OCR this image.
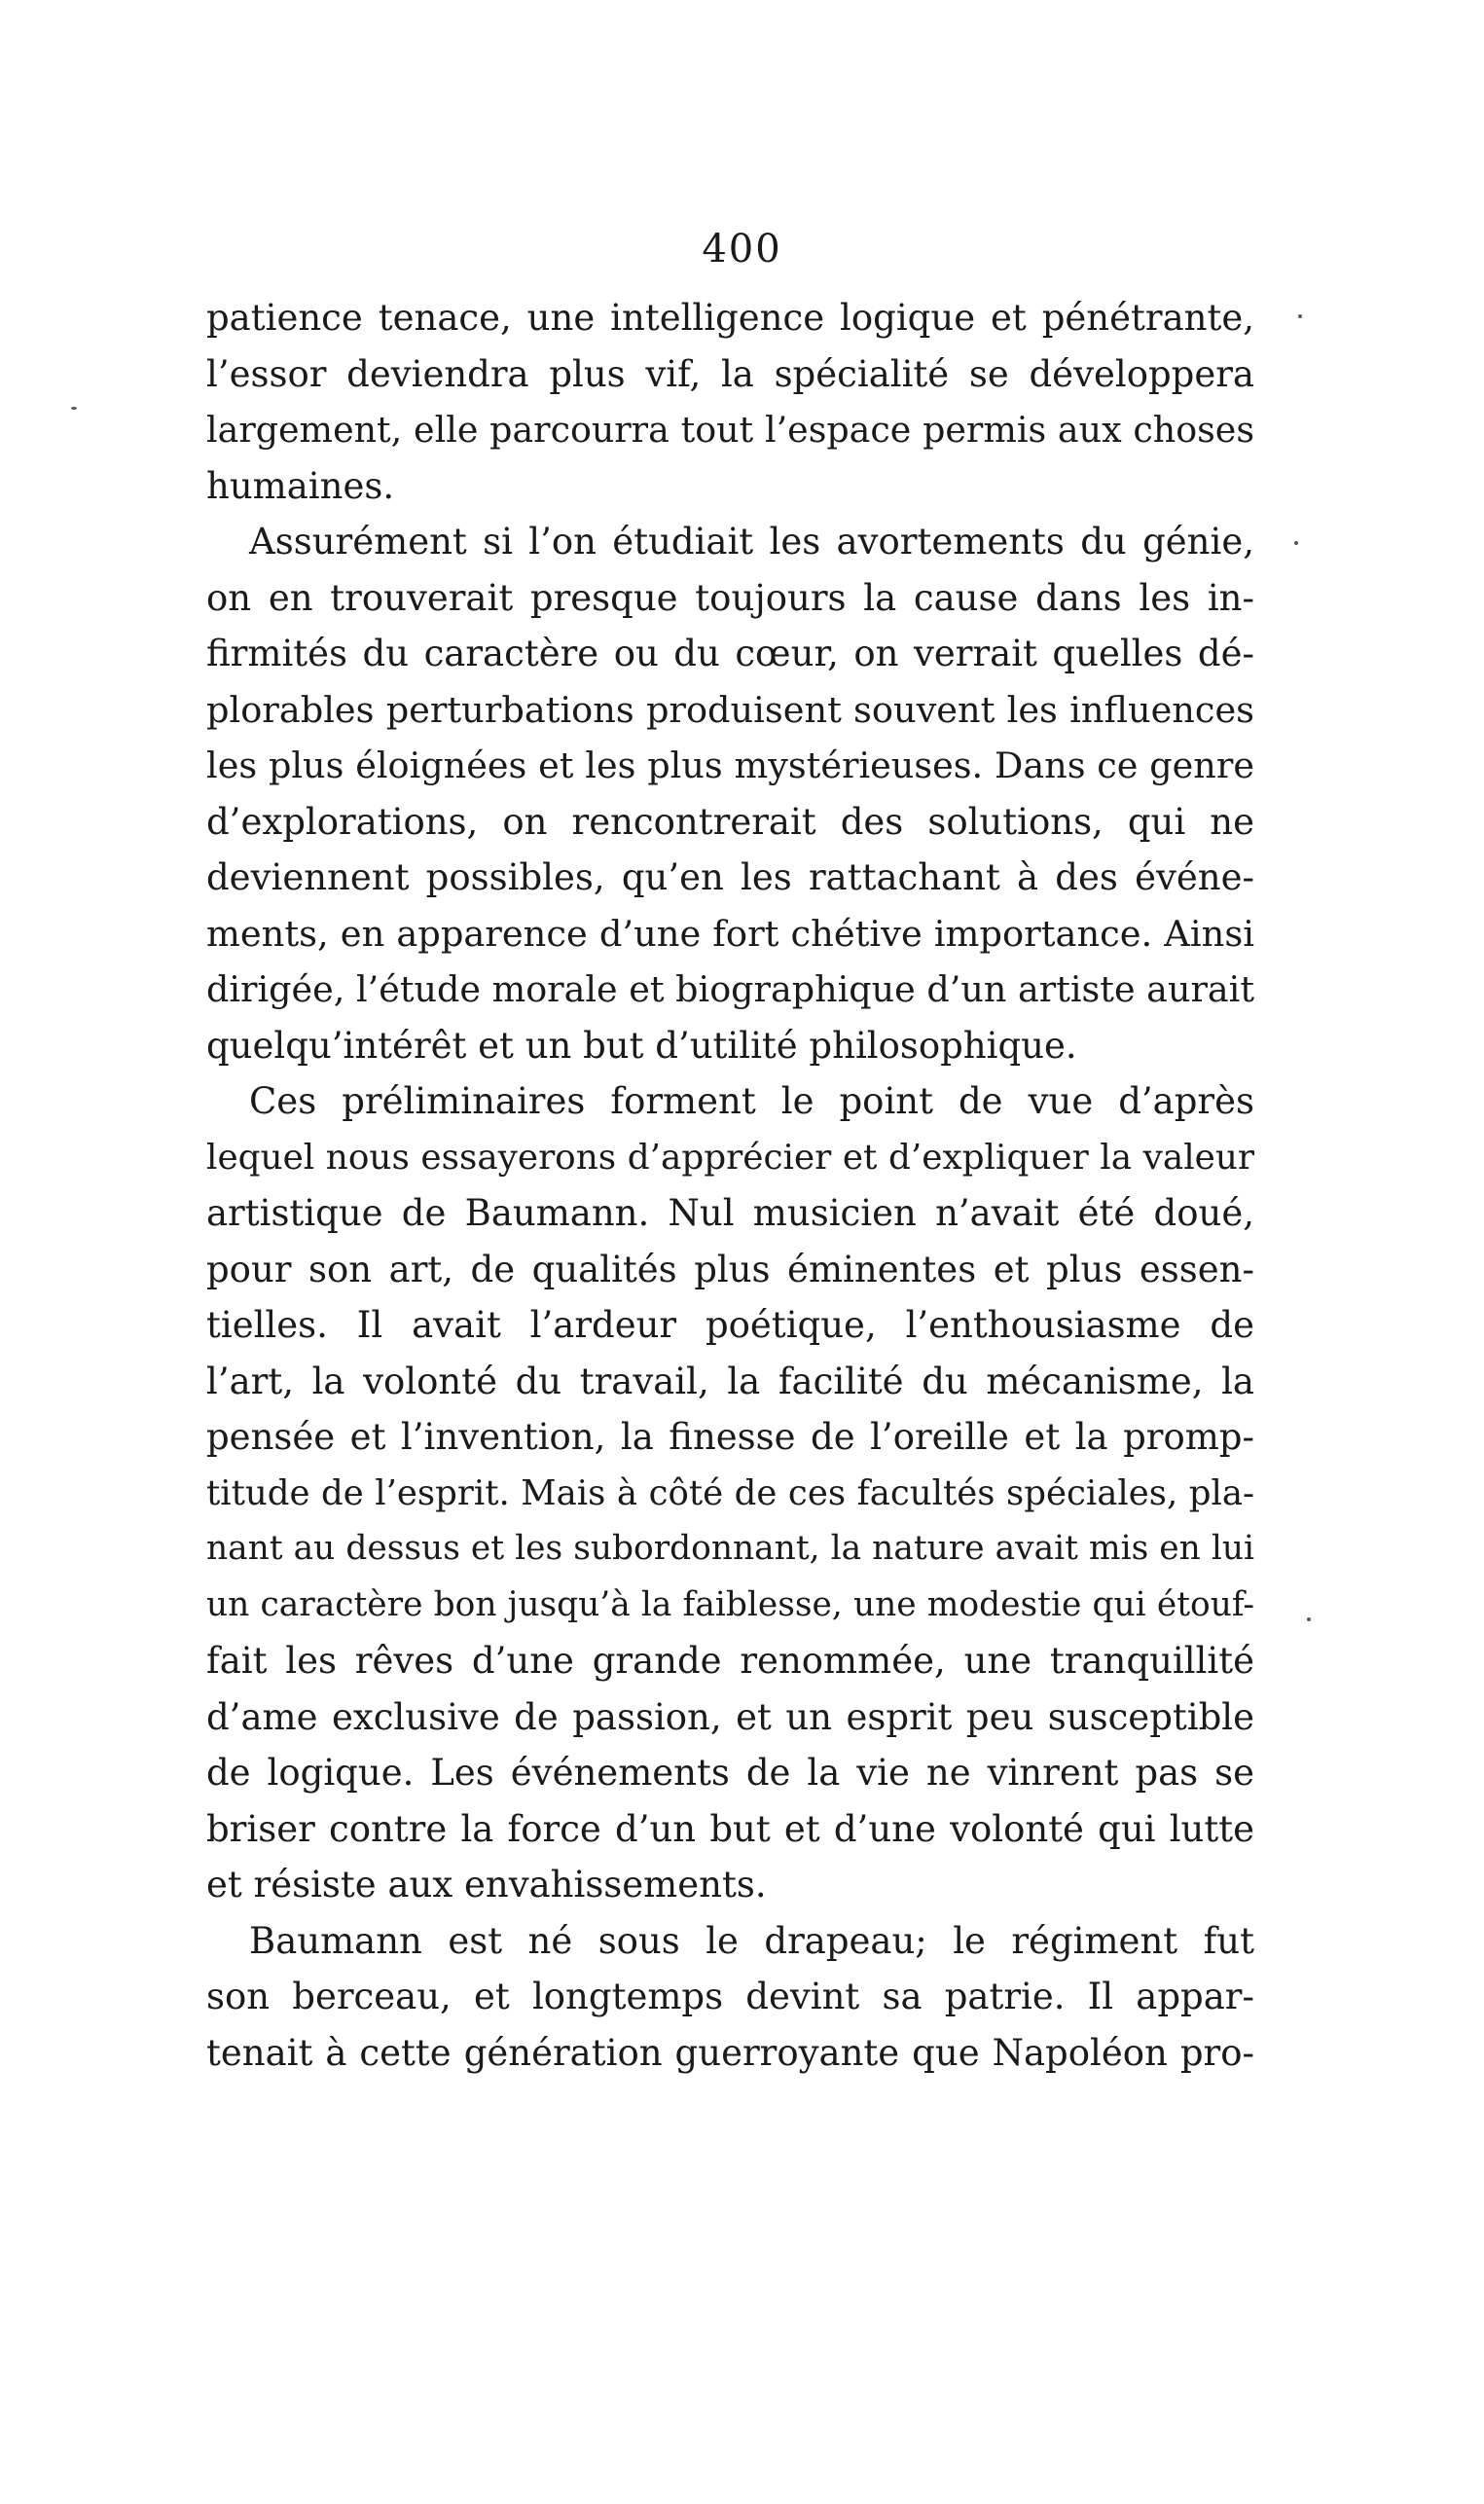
400
patience tenace, une intelligence logique et pénétrante,
l’essor deviendra plus vif, la spécialité se développera
largement, elle parcourra tout l’espace permis aux choses
humaines.
Assurément si l’on étudiait les avortements du génie,
on en trouverait presque toujours la cause dans les in-
firmités du caractère ou du cœur, on verrait quelles dé-
plorables perturbations produisent souvent les influences
les plus éloignées et les plus mystérieuses. Dans ce genre
d’explorations, on rencontrerait des solutions, qui ne
deviennent possibles, qu’en les rattachant à des événe-
ments, en apparence d’une fort chétive importance. Ainsi
dirigée, l’étude morale et biographique d’un artiste aurait
quelqu’intérêt et un but d’utilité philosophique.
Ces préliminaires forment le point de vue d’après
lequel nous essayerons d’apprécier et d’expliquer la valeur
artistique de Baumann. Nul musicien n’avait été doué,
pour son art, de qualités plus éminentes et plus essen-
tielles. Il avait l’ardeur poétique, l’enthousiasme de
l’art, la volonté du travail, la facilité du mécanisme, la
pensée et l’invention, la finesse de l’oreille et la promp-
titude de l’esprit. Mais à côté de ces facultés spéciales, pla-
nant au dessus et les subordonnant, la nature avait mis en lui
un caractère bon jusqu’à la faiblesse, une modestie qui étouf-
fait les rêves d’une grande renommée, une tranquillité
d’ame exclusive de passion, et un esprit peu susceptible
de logique. Les événements de la vie ne vinrent pas se
briser contre la force d’un but et d’une volonté qui lutte
et résiste aux envahissements.
Baumann est né sous le drapeau; le régiment fut
son berceau, et longtemps devint sa patrie. Il appar-
tenait à cette génération guerroyante que Napoléon pro-
